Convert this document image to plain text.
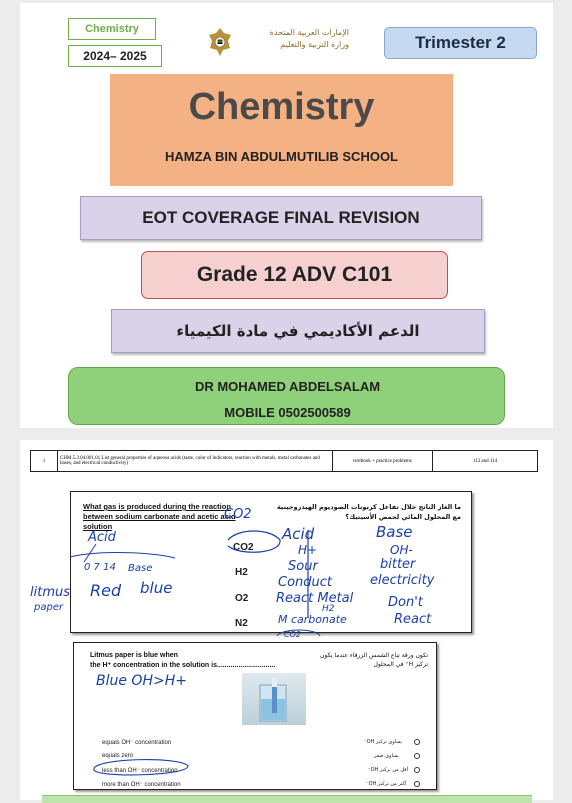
Chemistry
2024– 2025
الإمارات العربية المتحدة
وزارة التربية والتعليم	Trimester 2
Chemistry
HAMZA BIN ABDULMUTILIB SCHOOL
EOT COVERAGE FINAL REVISION
Grade 12 ADV C101
الدعم الأكاديمي في مادة الكيمياء
DR MOHAMED ABDELSALAM
MOBILE 0502500589
1	CHM.5.3.04.001.01 List general properties of aqueous acids (taste, color of indicators, reaction with metals, metal carbonates and bases, and electrical conductivity)	textbook + practice problems	113 and 114
What gas is produced during the reaction between sodium carbonate and acetic acid solution
ما الغاز الناتج خلال تفاعل كربونات الصوديوم الهيدروجينية مع المحلول المائي لحمض الأسيتيك؟
CO2
H2
O2
N2
CO2
Acid	Acid	Base
0 7 14 Base
litmus
paper
Red blue
H+	OH-
Sour	bitter
Conduct	electricity
React Metal
H2	Don't
React
M carbonate
CO2
Litmus paper is blue when
the H⁺ concentration in the solution is..............................
تكون ورقة تباع الشمس الزرقاء عندما يكون
تركيز H⁺ في المحلول
Blue OH>H+
equals OH⁻ concentration	يساوي تركيز OH⁻
equals zero	يساوي صفر
less than OH⁻ concentration	أقل من تركيز OH⁻
more than OH⁻ concentration	أكثر من تركيز OH⁻
